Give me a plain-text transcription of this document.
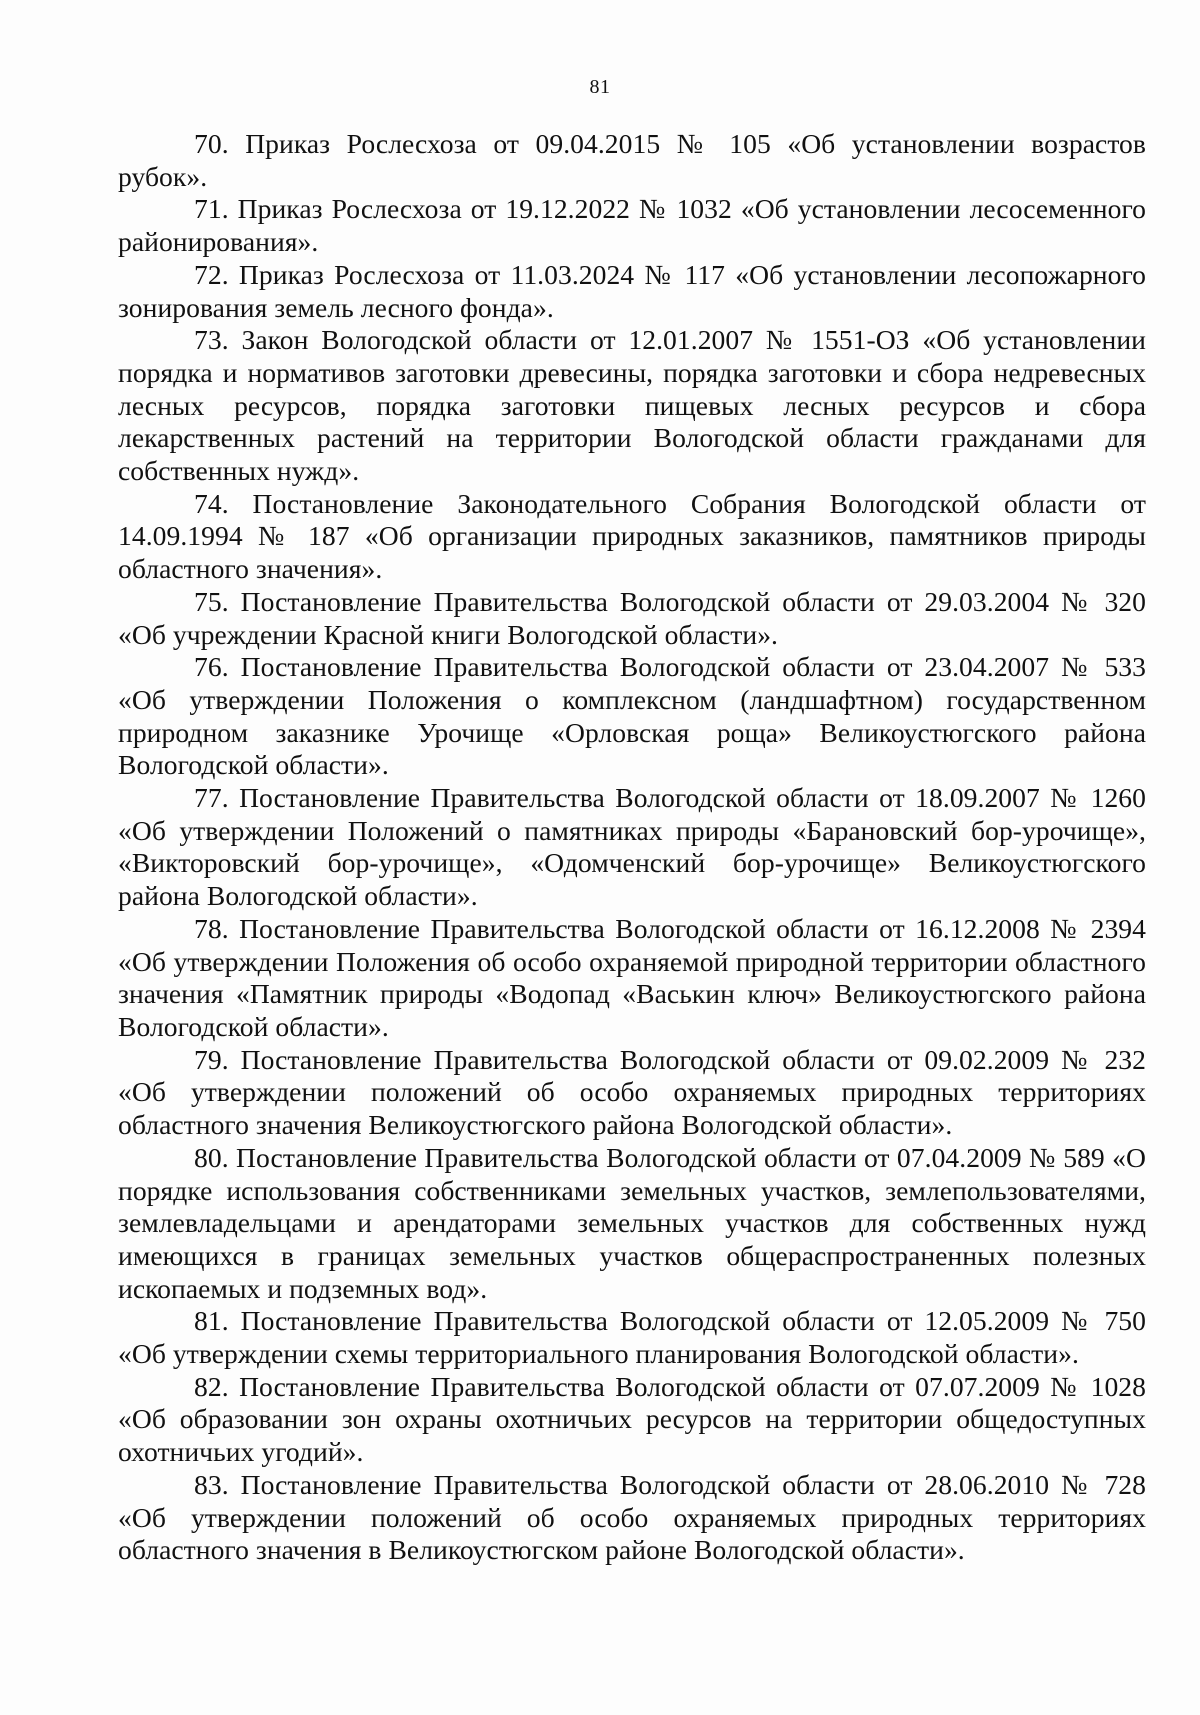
81

70. Приказ Рослесхоза от 09.04.2015 № 105 «Об установлении возрастов рубок».

71. Приказ Рослесхоза от 19.12.2022 № 1032 «Об установлении лесосеменного районирования».

72. Приказ Рослесхоза от 11.03.2024 № 117 «Об установлении лесопожарного зонирования земель лесного фонда».

73. Закон Вологодской области от 12.01.2007 № 1551-ОЗ «Об установлении порядка и нормативов заготовки древесины, порядка заготовки и сбора недревесных лесных ресурсов, порядка заготовки пищевых лесных ресурсов и сбора лекарственных растений на территории Вологодской области гражданами для собственных нужд».

74. Постановление Законодательного Собрания Вологодской области от 14.09.1994 № 187 «Об организации природных заказников, памятников природы областного значения».

75. Постановление Правительства Вологодской области от 29.03.2004 № 320 «Об учреждении Красной книги Вологодской области».

76. Постановление Правительства Вологодской области от 23.04.2007 № 533 «Об утверждении Положения о комплексном (ландшафтном) государственном природном заказнике Урочище «Орловская роща» Великоустюгского района Вологодской области».

77. Постановление Правительства Вологодской области от 18.09.2007 № 1260 «Об утверждении Положений о памятниках природы «Барановский бор-урочище», «Викторовский бор-урочище», «Одомченский бор-урочище» Великоустюгского района Вологодской области».

78. Постановление Правительства Вологодской области от 16.12.2008 № 2394 «Об утверждении Положения об особо охраняемой природной территории областного значения «Памятник природы «Водопад «Васькин ключ» Великоустюгского района Вологодской области».

79. Постановление Правительства Вологодской области от 09.02.2009 № 232 «Об утверждении положений об особо охраняемых природных территориях областного значения Великоустюгского района Вологодской области».

80. Постановление Правительства Вологодской области от 07.04.2009 № 589 «О порядке использования собственниками земельных участков, землепользователями, землевладельцами и арендаторами земельных участков для собственных нужд имеющихся в границах земельных участков общераспространенных полезных ископаемых и подземных вод».

81. Постановление Правительства Вологодской области от 12.05.2009 № 750 «Об утверждении схемы территориального планирования Вологодской области».

82. Постановление Правительства Вологодской области от 07.07.2009 № 1028 «Об образовании зон охраны охотничьих ресурсов на территории общедоступных охотничьих угодий».

83. Постановление Правительства Вологодской области от 28.06.2010 № 728 «Об утверждении положений об особо охраняемых природных территориях областного значения в Великоустюгском районе Вологодской области».
